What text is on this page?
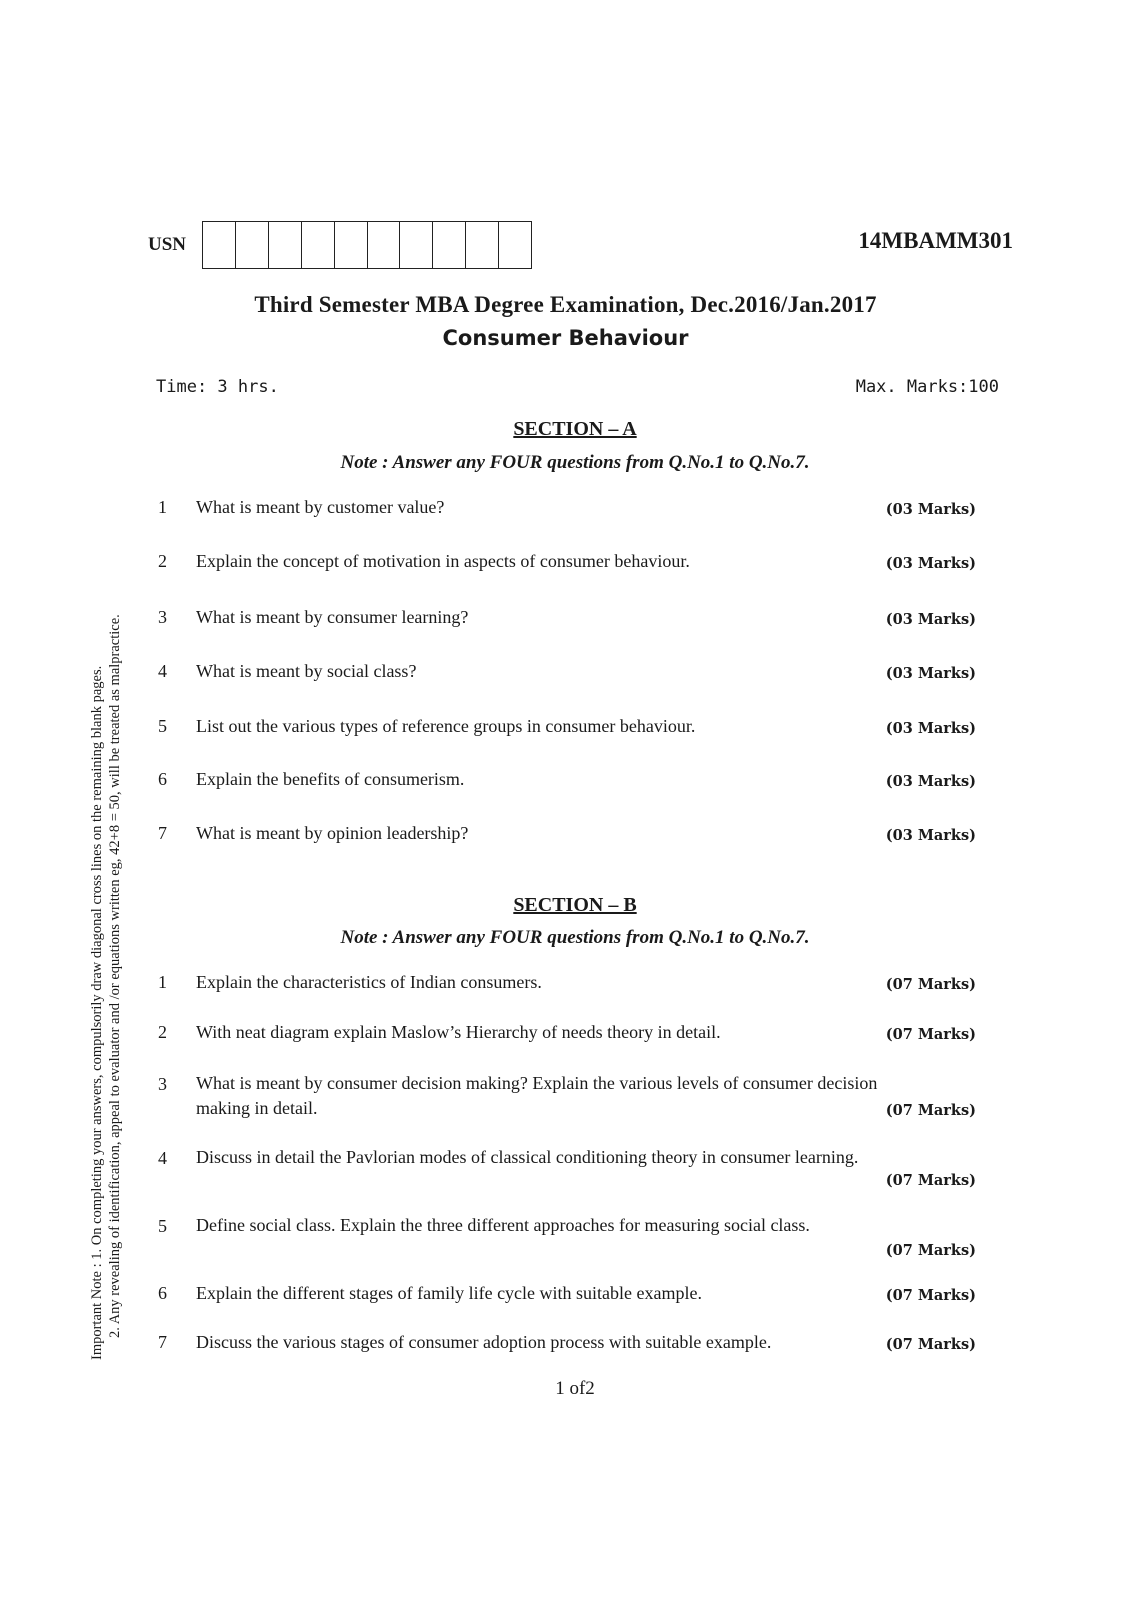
USN	14MBAMM301
Third Semester MBA Degree Examination, Dec.2016/Jan.2017
Consumer Behaviour
Time: 3 hrs.	Max. Marks:100
SECTION – A
Note : Answer any FOUR questions from Q.No.1 to Q.No.7.
1	What is meant by customer value?	(03 Marks)
2	Explain the concept of motivation in aspects of consumer behaviour.	(03 Marks)
3	What is meant by consumer learning?	(03 Marks)
4	What is meant by social class?	(03 Marks)
5	List out the various types of reference groups in consumer behaviour.	(03 Marks)
6	Explain the benefits of consumerism.	(03 Marks)
7	What is meant by opinion leadership?	(03 Marks)
SECTION – B
Note : Answer any FOUR questions from Q.No.1 to Q.No.7.
1	Explain the characteristics of Indian consumers.	(07 Marks)
2	With neat diagram explain Maslow’s Hierarchy of needs theory in detail.	(07 Marks)
3	What is meant by consumer decision making? Explain the various levels of consumer decision making in detail.	(07 Marks)
4	Discuss in detail the Pavlorian modes of classical conditioning theory in consumer learning.
(07 Marks)
5	Define social class. Explain the three different approaches for measuring social class.
(07 Marks)
6	Explain the different stages of family life cycle with suitable example.	(07 Marks)
7	Discuss the various stages of consumer adoption process with suitable example.	(07 Marks)
Important Note : 1. On completing your answers, compulsorily draw diagonal cross lines on the remaining blank pages. 2. Any revealing of identification, appeal to evaluator and /or equations written eg, 42+8 = 50, will be treated as malpractice.
1 of2
